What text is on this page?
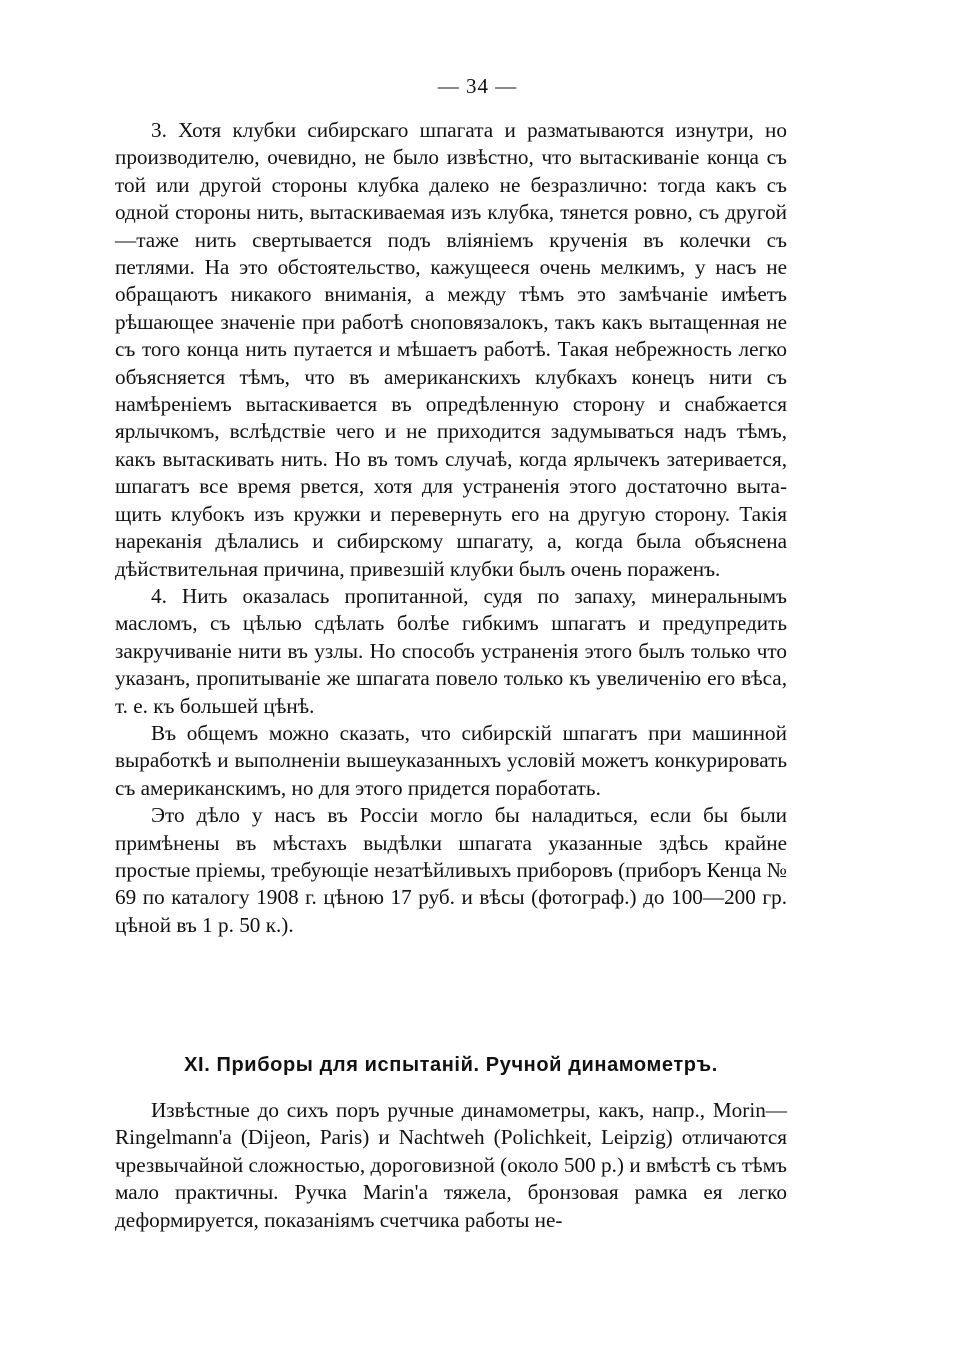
— 34 —

3. Хотя клубки сибирскаго шпагата и разматываются изнутри, но производителю, очевидно, не было извѣстно, что вытаскиваніе конца съ той или другой стороны клубка далеко не безразлично: тогда какъ съ одной стороны нить, вытаскиваемая изъ клубка, тянется ровно, съ другой—таже нить свертывается подъ вліяніемъ крученія въ колечки съ петлями. На это обстоятельство, кажущееся очень мелкимъ, у насъ не обращаютъ никакого вниманія, а между тѣмъ это замѣчаніе имѣетъ рѣшающее значеніе при работѣ сноповязалокъ, такъ какъ вытащенная не съ того конца нить путается и мѣшаетъ работѣ. Такая небрежность легко объясняется тѣмъ, что въ американскихъ клубкахъ конецъ нити съ намѣреніемъ вытаскивается въ опредѣленную сторону и снабжается ярлычкомъ, вслѣдствіе чего и не приходится задумываться надъ тѣмъ, какъ вытаскивать нить. Но въ томъ случаѣ, когда ярлычекъ затеривается, шпагатъ все время рвется, хотя для устраненія этого достаточно вытащить клубокъ изъ кружки и перевернуть его на другую сторону. Такія нареканія дѣлались и сибирскому шпагату, а, когда была объяснена дѣйствительная причина, привезшій клубки былъ очень пораженъ.

4. Нить оказалась пропитанной, судя по запаху, минеральнымъ масломъ, съ цѣлью сдѣлать болѣе гибкимъ шпагатъ и предупредить закручиваніе нити въ узлы. Но способъ устраненія этого былъ только что указанъ, пропитываніе же шпагата повело только къ увеличенію его вѣса, т. е. къ большей цѣнѣ.

Въ общемъ можно сказать, что сибирскій шпагатъ при машинной выработкѣ и выполненіи вышеуказанныхъ условій можетъ конкурировать съ американскимъ, но для этого придется поработать.

Это дѣло у насъ въ Россіи могло бы наладиться, если бы были примѣнены въ мѣстахъ выдѣлки шпагата указанные здѣсь крайне простые пріемы, требующіе незатѣйливыхъ приборовъ (приборъ Кенца № 69 по каталогу 1908 г. цѣною 17 руб. и вѣсы (фотограф.) до 100—200 гр. цѣной въ 1 р. 50 к.).

XI. Приборы для испытаній. Ручной динамометръ.

Извѣстные до сихъ поръ ручные динамометры, какъ, напр., Morin—Ringelmann'a (Dijeon, Paris) и Nachtweh (Polichkeit, Leipzig) отличаются чрезвычайной сложностью, дороговизной (около 500 р.) и вмѣстѣ съ тѣмъ мало практичны. Ручка Marin'a тяжела, бронзовая рамка ея легко деформируется, показаніямъ счетчика работы не-
